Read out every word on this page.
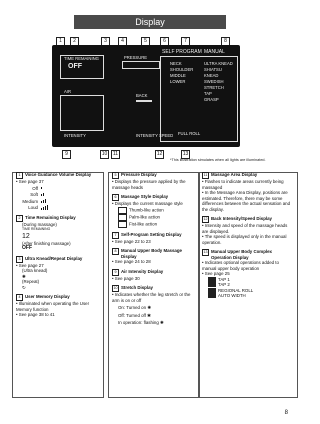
Display
1	2	3	4	5	6	7	8
TIME REMAINING
OFF
PRESSURE
SELF PROGRAM MANUAL
NECK
SHOULDER
MIDDLE
LOWER
ULTRA KNEAD
SHIATSU
KNEAD
SWEDISH
STRETCH
TAP
GRASP
BACK
AIR
INTENSITY	INTENSITY SPEED FULL ROLL
9	10	11	12	13
*This illustration simulates when all lights are illuminated.
1	Voice Guidance Volume Display
• See page 37
Off
Soft
Medium
Loud
2	Time Remaining Display
(During massage)
TIME REMAINING
12
(After finishing massage)
OFF
3	Ultra Knead/Repeat Display
• See page 27
(Ultra knead)
✺
(Repeat)
↻
4	User Memory Display
• Illuminated when operating the User Memory function
• See page 38 to 41
5	Pressure Display
• Displays the pressure applied by the massage heads
6	Massage Style Display
• Displays the current massage style
Thumb-like action
Palm-like action
Fist-like action
7	Self-Program Setting Display
• See page 22 to 23
8	Manual Upper Body Massage Display
• See page 24 to 28
9	Air Intensity Display
• See page 30
10 Stretch Display
• Indicates whether the leg stretch or the arm is on or off
On: Turned on ✺
Off: Turned off ✱
In operation: flashing ✺
11 Massage Area Display
• Flashes to indicate areas currently being massaged
• In the Message Area Display, positions are estimated. Therefore, there may be some differences between the actual sensation and the display.
12 Back Intensity/Speed Display
• Intensity and speed of the massage heads are displayed.
• The speed is displayed only in the manual operation.
13 Manual Upper Body Complex Operation Display
• Indicates optional operations added to manual upper body operation
• See page 25
TAP 1
TAP 2
REGIONAL ROLL
AUTO WIDTH
8
